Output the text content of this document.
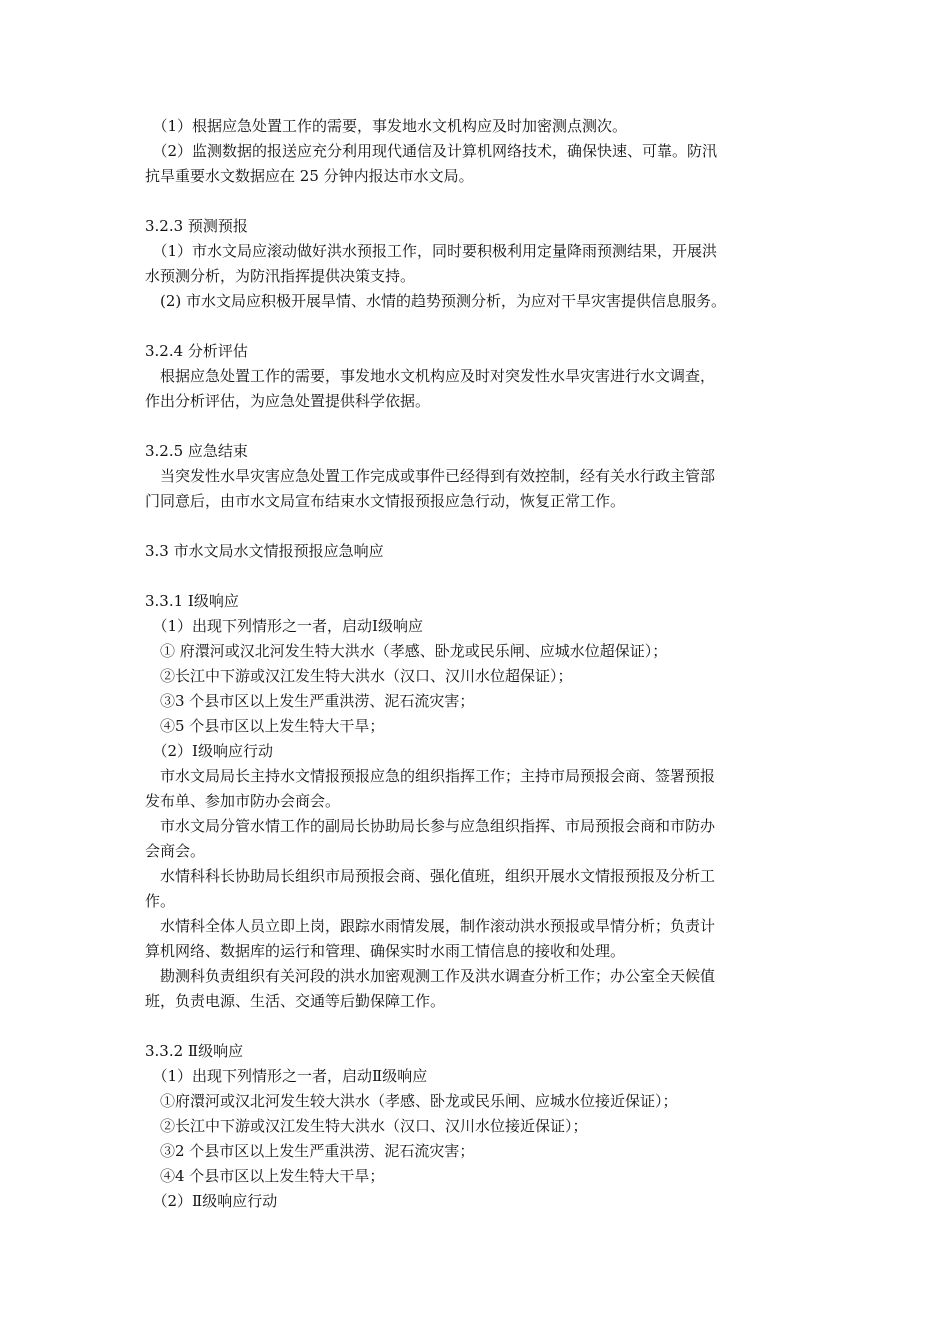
　（1）根据应急处置工作的需要，事发地水文机构应及时加密测点测次。
　（2）监测数据的报送应充分利用现代通信及计算机网络技术，确保快速、可靠。防汛
抗旱重要水文数据应在 25 分钟内报达市水文局。
3.2.3 预测预报
　（1）市水文局应滚动做好洪水预报工作，同时要积极利用定量降雨预测结果，开展洪
水预测分析，为防汛指挥提供决策支持。
　(2) 市水文局应积极开展旱情、水情的趋势预测分析，为应对干旱灾害提供信息服务。
3.2.4 分析评估
　根据应急处置工作的需要，事发地水文机构应及时对突发性水旱灾害进行水文调查，
作出分析评估，为应急处置提供科学依据。
3.2.5 应急结束
　当突发性水旱灾害应急处置工作完成或事件已经得到有效控制，经有关水行政主管部
门同意后，由市水文局宣布结束水文情报预报应急行动，恢复正常工作。
3.3 市水文局水文情报预报应急响应
3.3.1 Ⅰ级响应
　（1）出现下列情形之一者，启动Ⅰ级响应
　① 府澴河或汉北河发生特大洪水（孝感、卧龙或民乐闸、应城水位超保证）；
　②长江中下游或汉江发生特大洪水（汉口、汉川水位超保证）；
　③3 个县市区以上发生严重洪涝、泥石流灾害；
　④5 个县市区以上发生特大干旱；
　（2）Ⅰ级响应行动
　市水文局局长主持水文情报预报应急的组织指挥工作；主持市局预报会商、签署预报
发布单、参加市防办会商会。
　市水文局分管水情工作的副局长协助局长参与应急组织指挥、市局预报会商和市防办
会商会。
　水情科科长协助局长组织市局预报会商、强化值班，组织开展水文情报预报及分析工
作。
　水情科全体人员立即上岗，跟踪水雨情发展，制作滚动洪水预报或旱情分析；负责计
算机网络、数据库的运行和管理、确保实时水雨工情信息的接收和处理。
　勘测科负责组织有关河段的洪水加密观测工作及洪水调查分析工作；办公室全天候值
班，负责电源、生活、交通等后勤保障工作。
3.3.2 Ⅱ级响应
　（1）出现下列情形之一者，启动Ⅱ级响应
　①府澴河或汉北河发生较大洪水（孝感、卧龙或民乐闸、应城水位接近保证）；
　②长江中下游或汉江发生特大洪水（汉口、汉川水位接近保证）；
　③2 个县市区以上发生严重洪涝、泥石流灾害；
　④4 个县市区以上发生特大干旱；
　（2）Ⅱ级响应行动
